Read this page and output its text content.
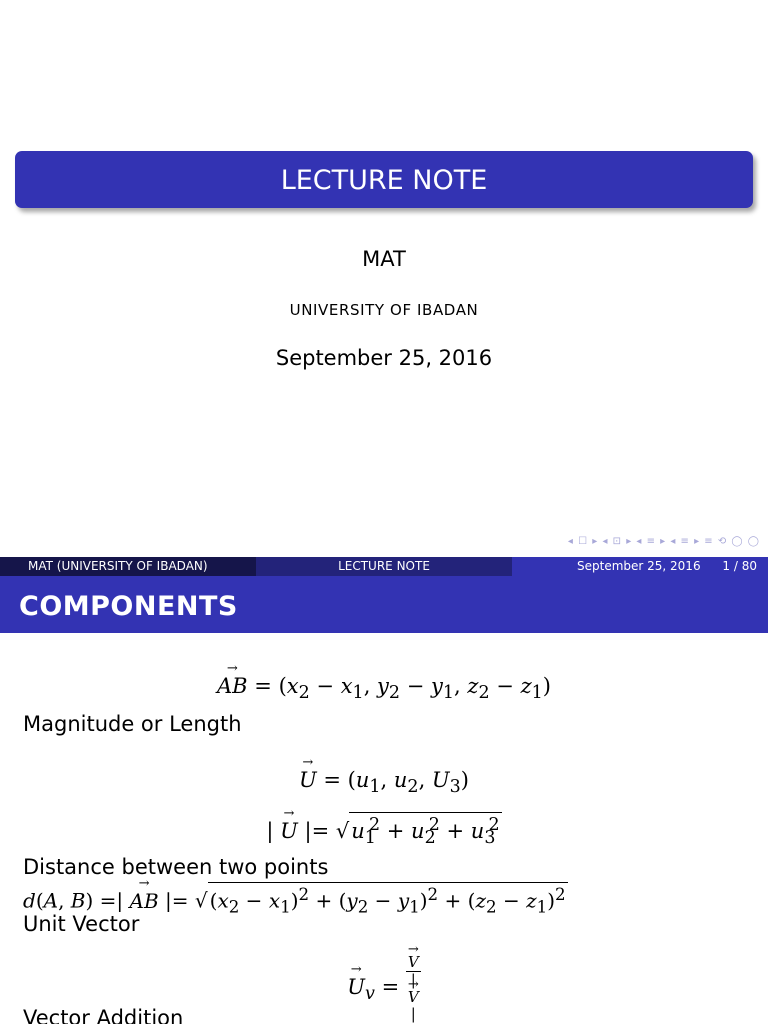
LECTURE NOTE
MAT
UNIVERSITY OF IBADAN
September 25, 2016
◂ ☐ ▸ ◂ ⊡ ▸ ◂ ≡ ▸ ◂ ≡ ▸ ≡ ⟲ ◯ ◯
MAT (UNIVERSITY OF IBADAN)	LECTURE NOTE	September 25, 2016 1 / 80
COMPONENTS
→ AB = ($x_2 - x_1$, $y_2 - y_1$, $z_2 - z_1$)
Magnitude or Length
→ $U = (u_1$, $u_2$, $U_3$)
| → U |= $√u_1^2 + u_2^2 + u_3^2$
Distance between two points
d(A, B) =| → AB |= √ $(x_2 - x_1)^2 + (y_2 - y_1)^2 + (z_2 - z_1)^2$
Unit Vector
→ $U_v$ =
→ V
|
→ V
|
Vector Addition
